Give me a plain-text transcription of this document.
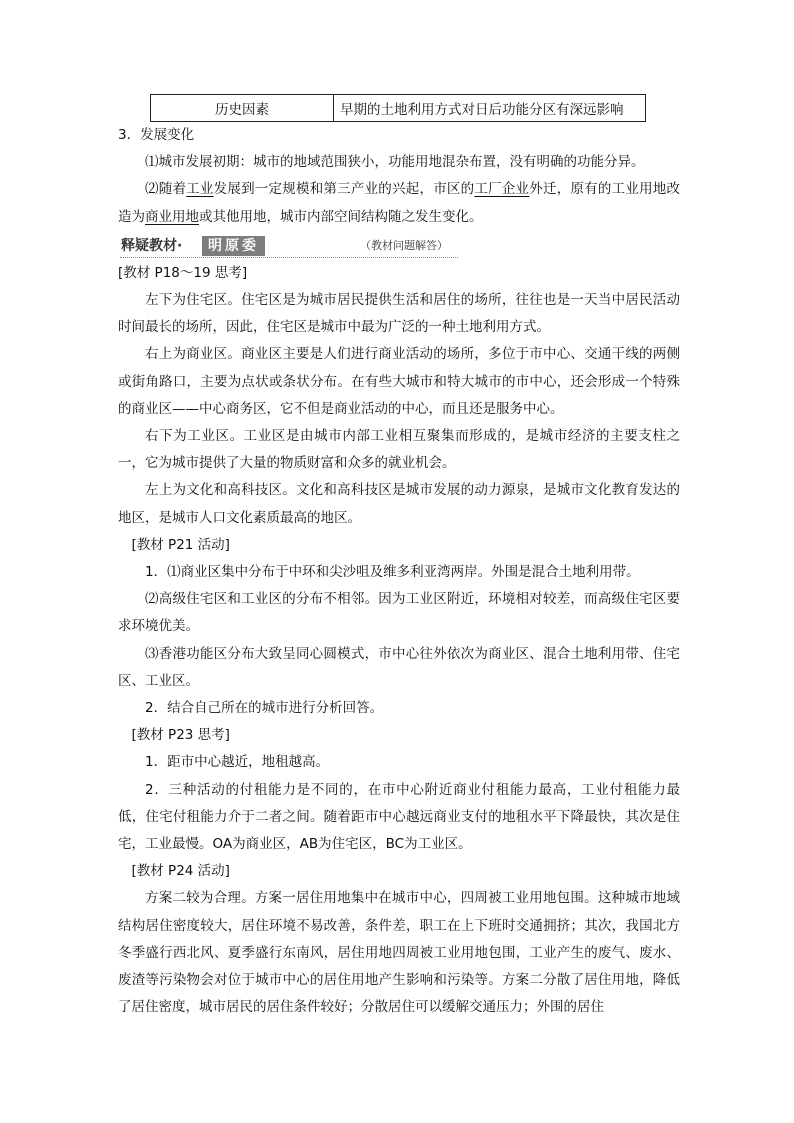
历史因素	早期的土地利用方式对日后功能分区有深远影响

3．发展变化

⑴城市发展初期：城市的地域范围狭小，功能用地混杂布置，没有明确的功能分异。

⑵随着工业发展到一定规模和第三产业的兴起，市区的工厂企业外迁，原有的工业用地改造为商业用地或其他用地，城市内部空间结构随之发生变化。

释疑教材·	明原委	（教材问题解答）

[教材 P18～19 思考]

左下为住宅区。住宅区是为城市居民提供生活和居住的场所，往往也是一天当中居民活动时间最长的场所，因此，住宅区是城市中最为广泛的一种土地利用方式。

右上为商业区。商业区主要是人们进行商业活动的场所，多位于市中心、交通干线的两侧或街角路口，主要为点状或条状分布。在有些大城市和特大城市的市中心，还会形成一个特殊的商业区——中心商务区，它不但是商业活动的中心，而且还是服务中心。

右下为工业区。工业区是由城市内部工业相互聚集而形成的，是城市经济的主要支柱之一，它为城市提供了大量的物质财富和众多的就业机会。

左上为文化和高科技区。文化和高科技区是城市发展的动力源泉，是城市文化教育发达的地区，是城市人口文化素质最高的地区。

[教材 P21 活动]

1．⑴商业区集中分布于中环和尖沙咀及维多利亚湾两岸。外围是混合土地利用带。

⑵高级住宅区和工业区的分布不相邻。因为工业区附近，环境相对较差，而高级住宅区要求环境优美。

⑶香港功能区分布大致呈同心圆模式，市中心往外依次为商业区、混合土地利用带、住宅区、工业区。

2．结合自己所在的城市进行分析回答。

[教材 P23 思考]

1．距市中心越近，地租越高。

2．三种活动的付租能力是不同的，在市中心附近商业付租能力最高，工业付租能力最低，住宅付租能力介于二者之间。随着距市中心越远商业支付的地租水平下降最快，其次是住宅，工业最慢。OA为商业区，AB为住宅区，BC为工业区。

[教材 P24 活动]

方案二较为合理。方案一居住用地集中在城市中心，四周被工业用地包围。这种城市地域结构居住密度较大，居住环境不易改善，条件差，职工在上下班时交通拥挤；其次，我国北方冬季盛行西北风、夏季盛行东南风，居住用地四周被工业用地包围，工业产生的废气、废水、废渣等污染物会对位于城市中心的居住用地产生影响和污染等。方案二分散了居住用地，降低了居住密度，城市居民的居住条件较好；分散居住可以缓解交通压力；外围的居住
